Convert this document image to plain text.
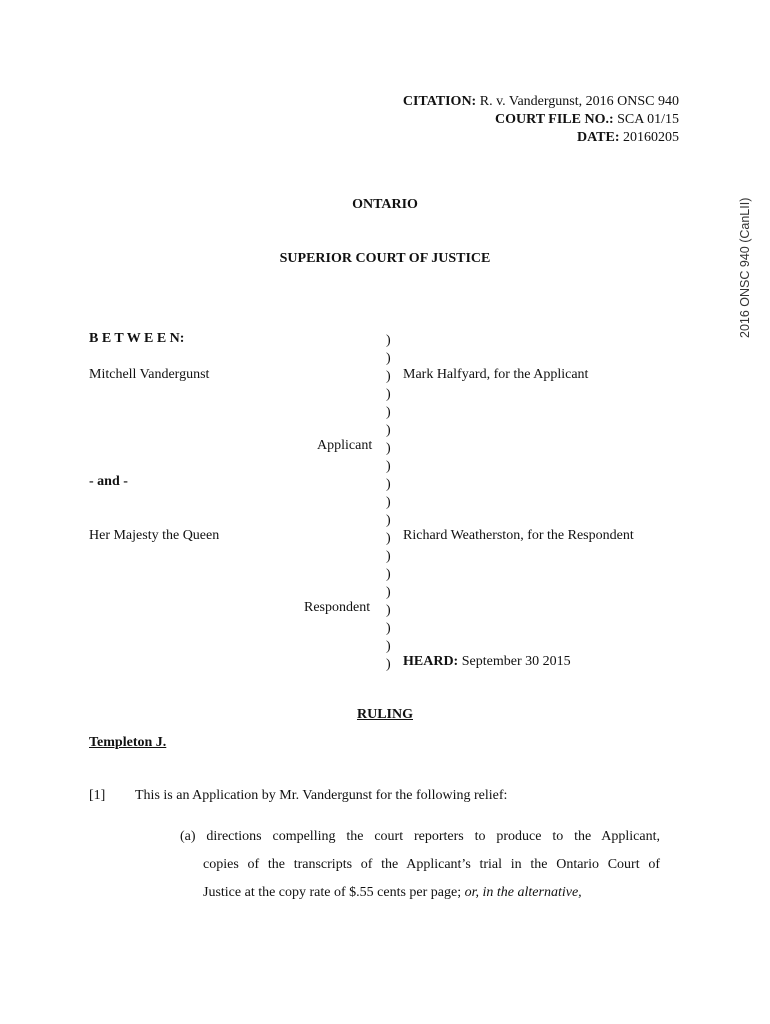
CITATION: R. v. Vandergunst, 2016 ONSC 940
COURT FILE NO.: SCA 01/15
DATE: 20160205
2016 ONSC 940 (CanLII)
ONTARIO
SUPERIOR COURT OF JUSTICE
B E T W E E N:
Mitchell Vandergunst
Applicant
- and -
Her Majesty the Queen
Respondent
)
)
)
)
)
)
)
)
)
)
)
)
)
)
)
)
)
)
)
Mark Halfyard, for the Applicant
Richard Weatherston, for the Respondent
HEARD: September 30 2015
RULING
Templeton J.
[1] This is an Application by Mr. Vandergunst for the following relief:
(a) directions compelling the court reporters to produce to the Applicant,
copies of the transcripts of the Applicant’s trial in the Ontario Court of
Justice at the copy rate of $.55 cents per page; or, in the alternative,
